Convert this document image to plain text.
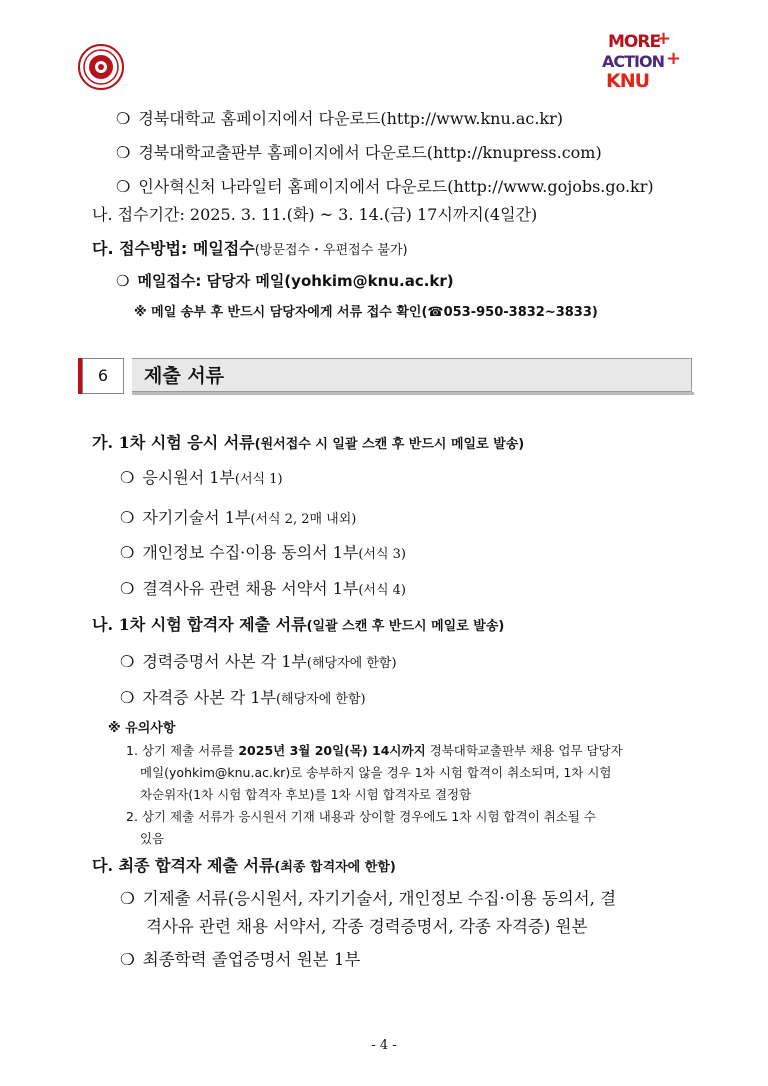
MORE
+
ACTION +
KNU
❍ 경북대학교 홈페이지에서 다운로드(http://www.knu.ac.kr)
❍ 경북대학교출판부 홈페이지에서 다운로드(http://knupress.com)
❍ 인사혁신처 나라일터 홈페이지에서 다운로드(http://www.gojobs.go.kr)
나. 접수기간: 2025. 3. 11.(화) ~ 3. 14.(금) 17시까지(4일간)
다. 접수방법: 메일접수(방문접수・우편접수 불가)
❍ 메일접수: 담당자 메일(yohkim@knu.ac.kr)
※ 메일 송부 후 반드시 담당자에게 서류 접수 확인(☎053-950-3832~3833)
6	제출 서류
가. 1차 시험 응시 서류(원서접수 시 일괄 스캔 후 반드시 메일로 발송)
❍ 응시원서 1부(서식 1)
❍ 자기기술서 1부(서식 2, 2매 내외)
❍ 개인정보 수집·이용 동의서 1부(서식 3)
❍ 결격사유 관련 채용 서약서 1부(서식 4)
나. 1차 시험 합격자 제출 서류(일괄 스캔 후 반드시 메일로 발송)
❍ 경력증명서 사본 각 1부(해당자에 한함)
❍ 자격증 사본 각 1부(해당자에 한함)
※ 유의사항
1. 상기 제출 서류를 2025년 3월 20일(목) 14시까지 경북대학교출판부 채용 업무 담당자
메일(yohkim@knu.ac.kr)로 송부하지 않을 경우 1차 시험 합격이 취소되며, 1차 시험
차순위자(1차 시험 합격자 후보)를 1차 시험 합격자로 결정함
2. 상기 제출 서류가 응시원서 기재 내용과 상이할 경우에도 1차 시험 합격이 취소될 수
있음
다. 최종 합격자 제출 서류(최종 합격자에 한함)
❍ 기제출 서류(응시원서, 자기기술서, 개인정보 수집·이용 동의서, 결
격사유 관련 채용 서약서, 각종 경력증명서, 각종 자격증) 원본
❍ 최종학력 졸업증명서 원본 1부
- 4 -
